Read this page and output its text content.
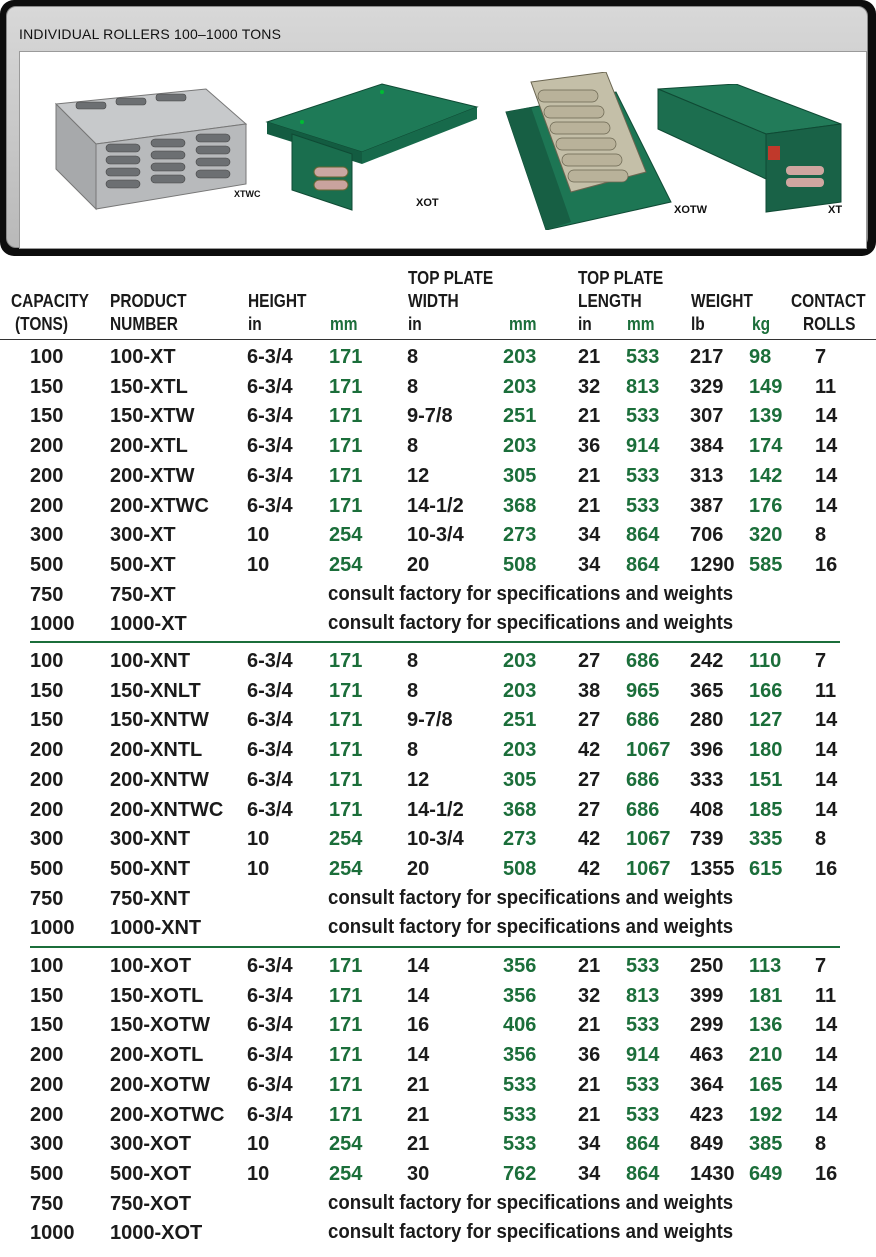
INDIVIDUAL ROLLERS 100–1000 TONS
XTWC
XOT
XOTW	XT
CAPACITY
(TONS)
PRODUCT
NUMBER
HEIGHT
in	mm
TOP PLATE
WIDTH
in	mm
TOP PLATE
LENGTH
in mm
WEIGHT
lb	kg
CONTACT
ROLLS
100 100-XT	6-3/4 171 8	203 21 533 217 98 7
150 150-XTL	6-3/4 171 8	203 32 813 329 149 11
150 150-XTW	6-3/4 171 9-7/8	251 21 533 307 139 14
200 200-XTL	6-3/4 171 8	203 36 914 384 174 14
200 200-XTW	6-3/4 171 12	305 21 533 313 142 14
200 200-XTWC 6-3/4 171 14-1/2 368 21 533 387 176 14
300 300-XT	10	254 10-3/4 273 34 864 706 320 8
500 500-XT	10	254 20	508 34 864 1290 585 16
750 750-XT	consult factory for specifications and weights
1000 1000-XT	consult factory for specifications and weights
100 100-XNT	6-3/4 171 8	203 27 686 242 110 7
150 150-XNLT 6-3/4 171 8	203 38 965 365 166 11
150 150-XNTW 6-3/4 171 9-7/8	251 27 686 280 127 14
200 200-XNTL 6-3/4 171 8	203 42 1067 396 180 14
200 200-XNTW 6-3/4 171 12	305 27 686 333 151 14
200 200-XNTWC 6-3/4 171 14-1/2 368 27 686 408 185 14
300 300-XNT	10	254 10-3/4 273 42 1067 739 335 8
500 500-XNT	10	254 20	508 42 1067 1355 615 16
750 750-XNT	consult factory for specifications and weights
1000 1000-XNT	consult factory for specifications and weights
100 100-XOT	6-3/4 171 14	356 21 533 250 113 7
150 150-XOTL 6-3/4 171 14	356 32 813 399 181 11
150 150-XOTW 6-3/4 171 16	406 21 533 299 136 14
200 200-XOTL 6-3/4 171 14	356 36 914 463 210 14
200 200-XOTW 6-3/4 171 21	533 21 533 364 165 14
200 200-XOTWC 6-3/4 171 21	533 21 533 423 192 14
300 300-XOT	10	254 21	533 34 864 849 385 8
500 500-XOT	10	254 30	762 34 864 1430 649 16
750 750-XOT	consult factory for specifications and weights
1000 1000-XOT	consult factory for specifications and weights
